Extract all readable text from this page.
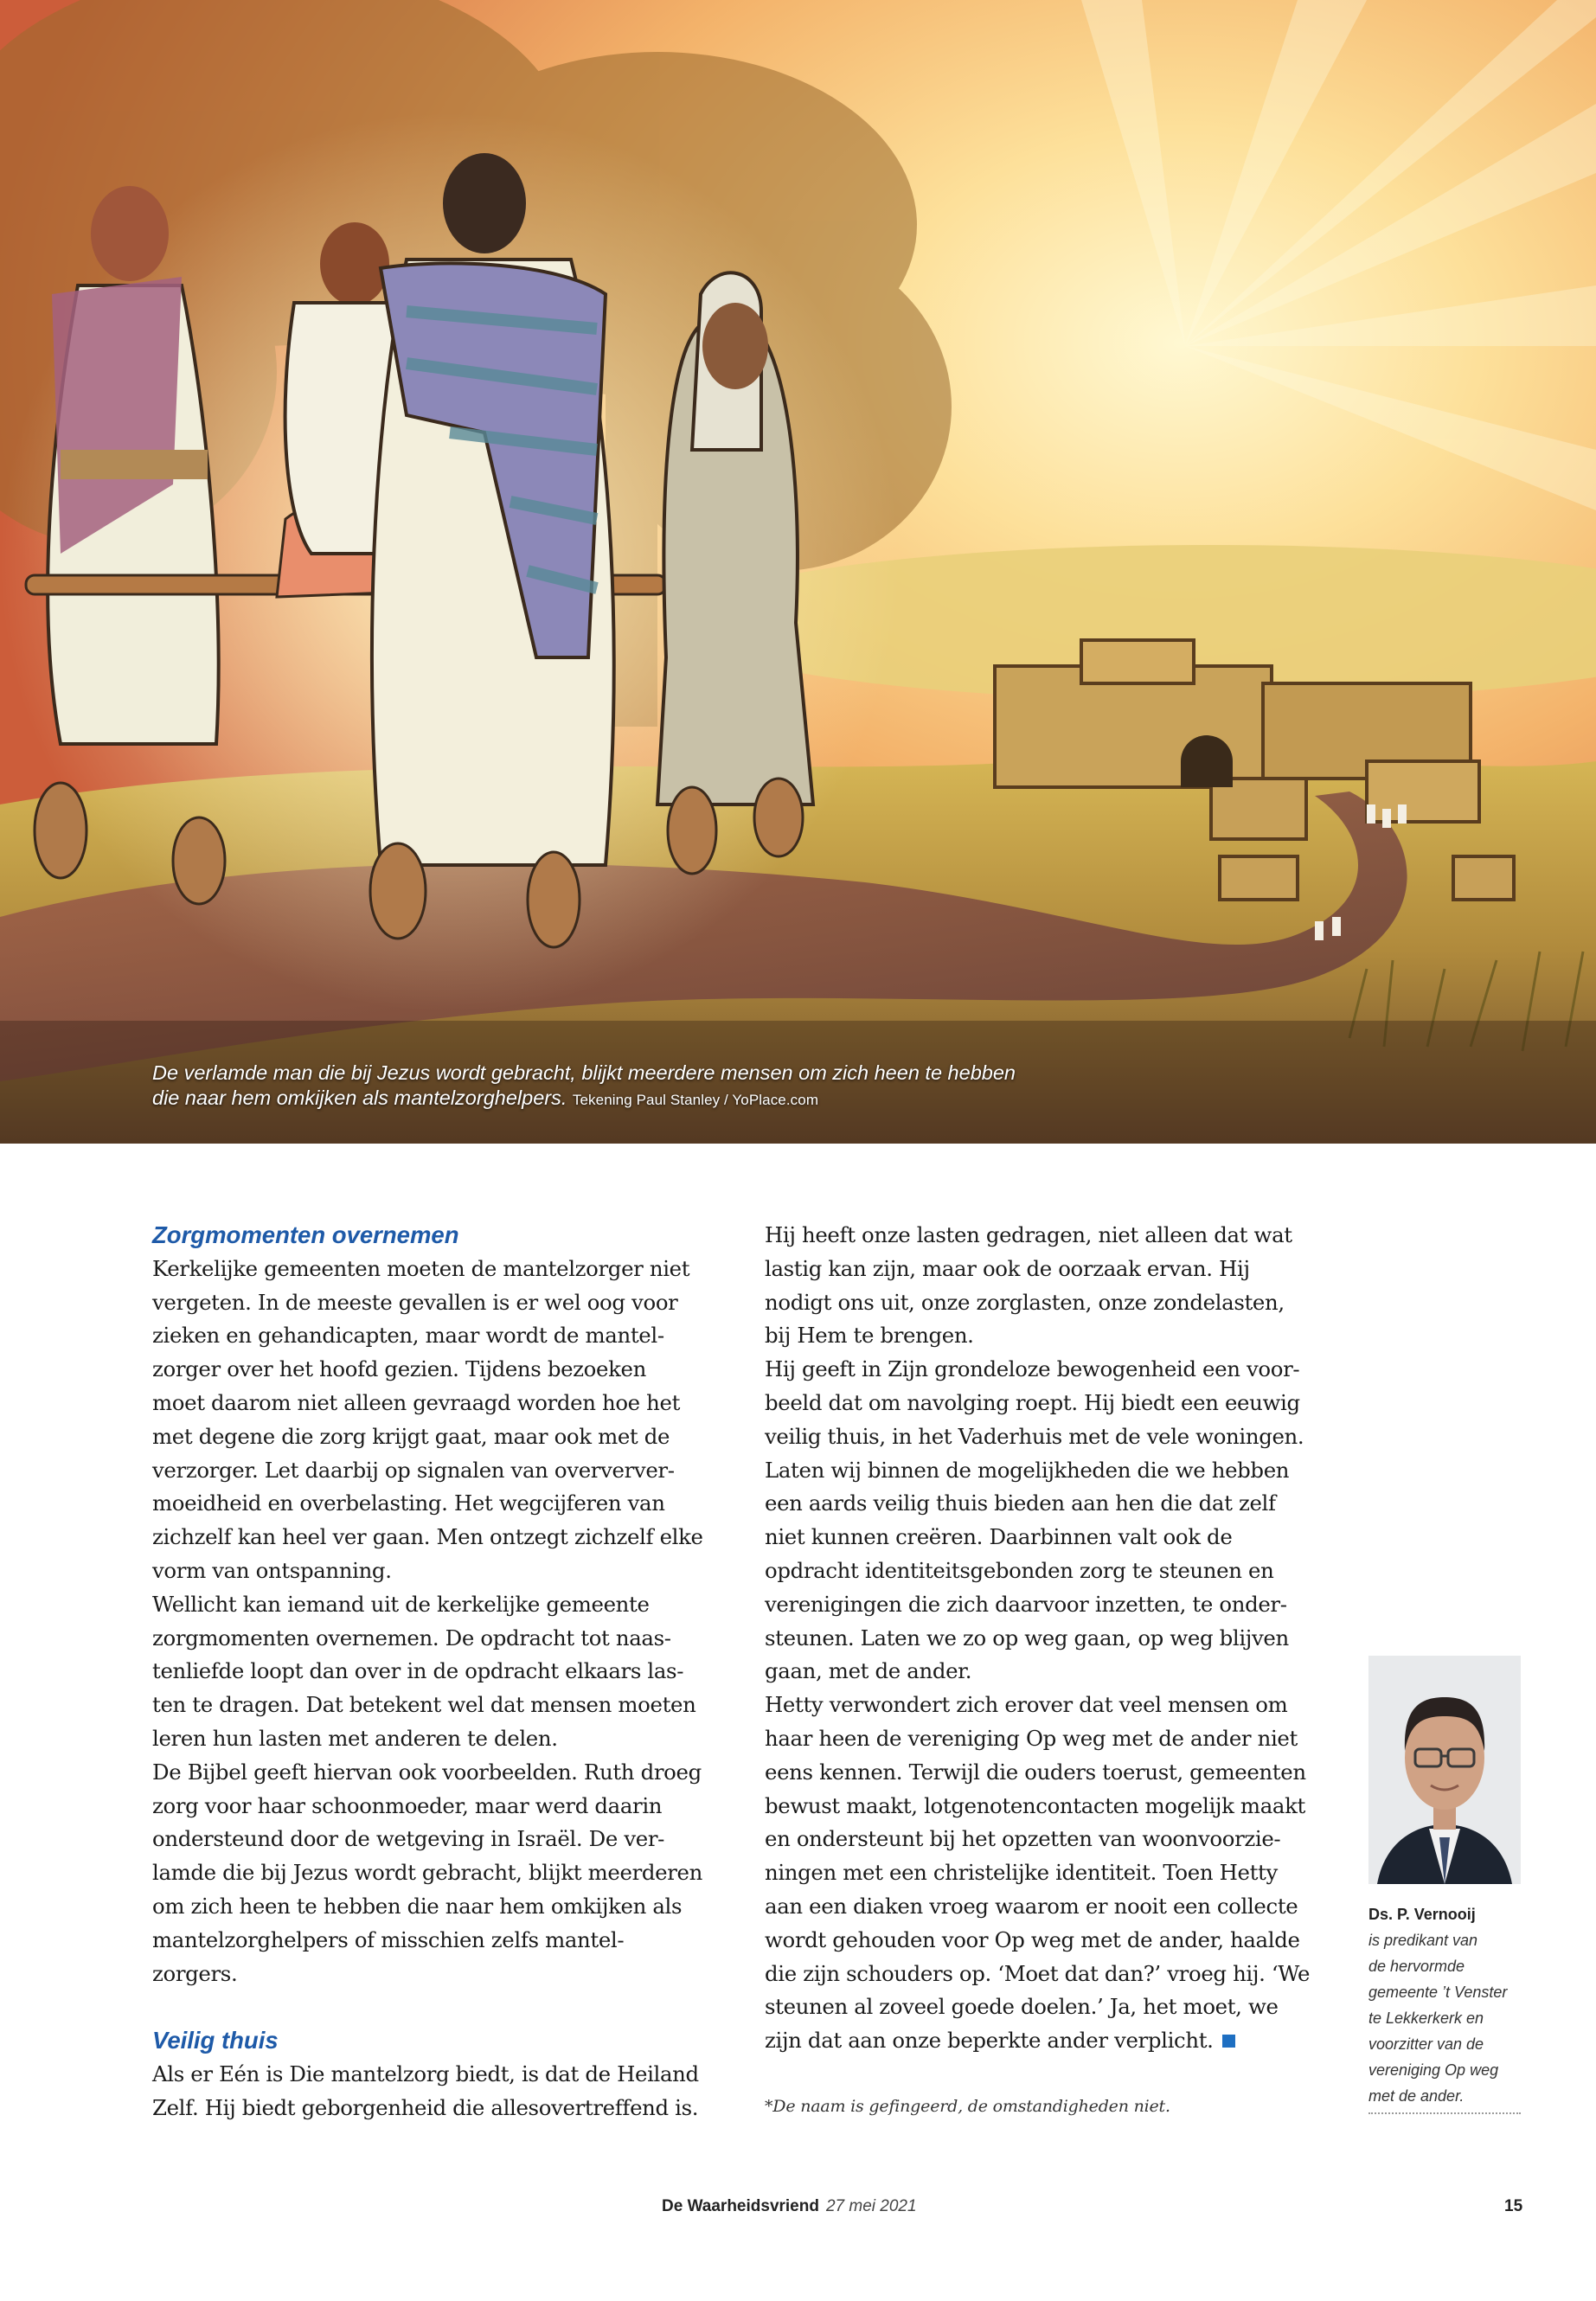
De verlamde man die bij Jezus wordt gebracht, blijkt meerdere mensen om zich heen te hebben
die naar hem omkijken als mantelzorghelpers. Tekening Paul Stanley / YoPlace.com
Zorgmomenten overnemen
Kerkelijke gemeenten moeten de mantelzorger niet
vergeten. In de meeste gevallen is er wel oog voor
zieken en gehandicapten, maar wordt de mantel-
zorger over het hoofd gezien. Tijdens bezoeken
moet daarom niet alleen gevraagd worden hoe het
met degene die zorg krijgt gaat, maar ook met de
verzorger. Let daarbij op signalen van oververver-
moeidheid en overbelasting. Het wegcijferen van
zichzelf kan heel ver gaan. Men ontzegt zichzelf elke
vorm van ontspanning.
Wellicht kan iemand uit de kerkelijke gemeente
zorgmomenten overnemen. De opdracht tot naas-
tenliefde loopt dan over in de opdracht elkaars las-
ten te dragen. Dat betekent wel dat mensen moeten
leren hun lasten met anderen te delen.
De Bijbel geeft hiervan ook voorbeelden. Ruth droeg
zorg voor haar schoonmoeder, maar werd daarin
ondersteund door de wetgeving in Israël. De ver-
lamde die bij Jezus wordt gebracht, blijkt meerderen
om zich heen te hebben die naar hem omkijken als
mantelzorghelpers of misschien zelfs mantel-
zorgers.
Veilig thuis
Als er Eén is Die mantelzorg biedt, is dat de Heiland
Zelf. Hij biedt geborgenheid die allesovertreffend is.
Hij heeft onze lasten gedragen, niet alleen dat wat
lastig kan zijn, maar ook de oorzaak ervan. Hij
nodigt ons uit, onze zorglasten, onze zondelasten,
bij Hem te brengen.
Hij geeft in Zijn grondeloze bewogenheid een voor-
beeld dat om navolging roept. Hij biedt een eeuwig
veilig thuis, in het Vaderhuis met de vele woningen.
Laten wij binnen de mogelijkheden die we hebben
een aards veilig thuis bieden aan hen die dat zelf
niet kunnen creëren. Daarbinnen valt ook de
opdracht identiteitsgebonden zorg te steunen en
verenigingen die zich daarvoor inzetten, te onder-
steunen. Laten we zo op weg gaan, op weg blijven
gaan, met de ander.
Hetty verwondert zich erover dat veel mensen om
haar heen de vereniging Op weg met de ander niet
eens kennen. Terwijl die ouders toerust, gemeenten
bewust maakt, lotgenotencontacten mogelijk maakt
en ondersteunt bij het opzetten van woonvoorzie-
ningen met een christelijke identiteit. Toen Hetty
aan een diaken vroeg waarom er nooit een collecte
wordt gehouden voor Op weg met de ander, haalde
die zijn schouders op. ‘Moet dat dan?’ vroeg hij. ‘We
steunen al zoveel goede doelen.’ Ja, het moet, we
zijn dat aan onze beperkte ander verplicht.
*De naam is gefingeerd, de omstandigheden niet.
Ds. P. Vernooij
is predikant van
de hervormde
gemeente ’t Venster
te Lekkerkerk en
voorzitter van de
vereniging Op weg
met de ander.
De Waarheidsvriend 27 mei 2021	15
